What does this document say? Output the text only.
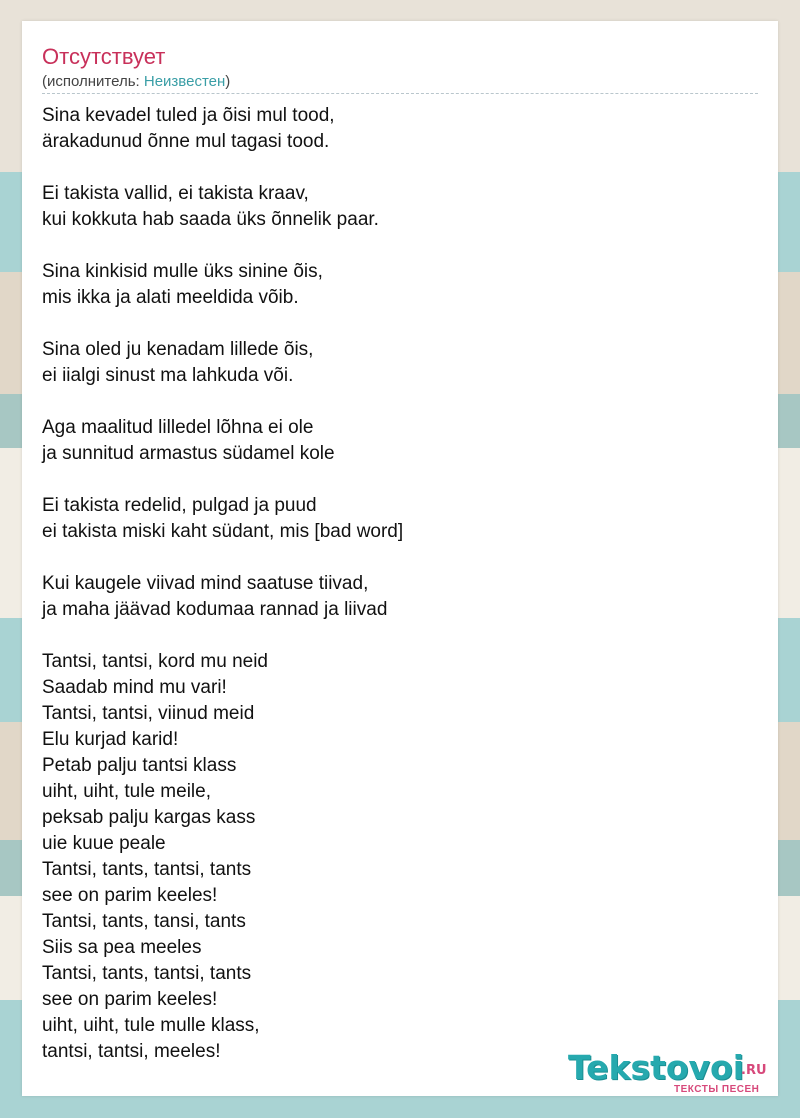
Отсутствует
(исполнитель: Неизвестен)
Sina kevadel tuled ja õisi mul tood,
ärakadunud õnne mul tagasi tood.
Ei takista vallid, ei takista kraav,
kui kokkuta hab saada üks õnnelik paar.
Sina kinkisid mulle üks sinine õis,
mis ikka ja alati meeldida võib.
Sina oled ju kenadam lillede õis,
ei iialgi sinust ma lahkuda või.
Aga maalitud lilledel lõhna ei ole
ja sunnitud armastus südamel kole
Ei takista redelid, pulgad ja puud
ei takista miski kaht südant, mis [bad word]
Kui kaugele viivad mind saatuse tiivad,
ja maha jäävad kodumaa rannad ja liivad
Tantsi, tantsi, kord mu neid
Saadab mind mu vari!
Tantsi, tantsi, viinud meid
Elu kurjad karid!
Petab palju tantsi klass
uiht, uiht, tule meile,
peksab palju kargas kass
uie kuue peale
Tantsi, tants, tantsi, tants
see on parim keeles!
Tantsi, tants, tansi, tants
Siis sa pea meeles
Tantsi, tants, tantsi, tants
see on parim keeles!
uiht, uiht, tule mulle klass,
tantsi, tantsi, meeles!	Tekstovoi
.RU
ТЕКСТЫ ПЕСЕН
